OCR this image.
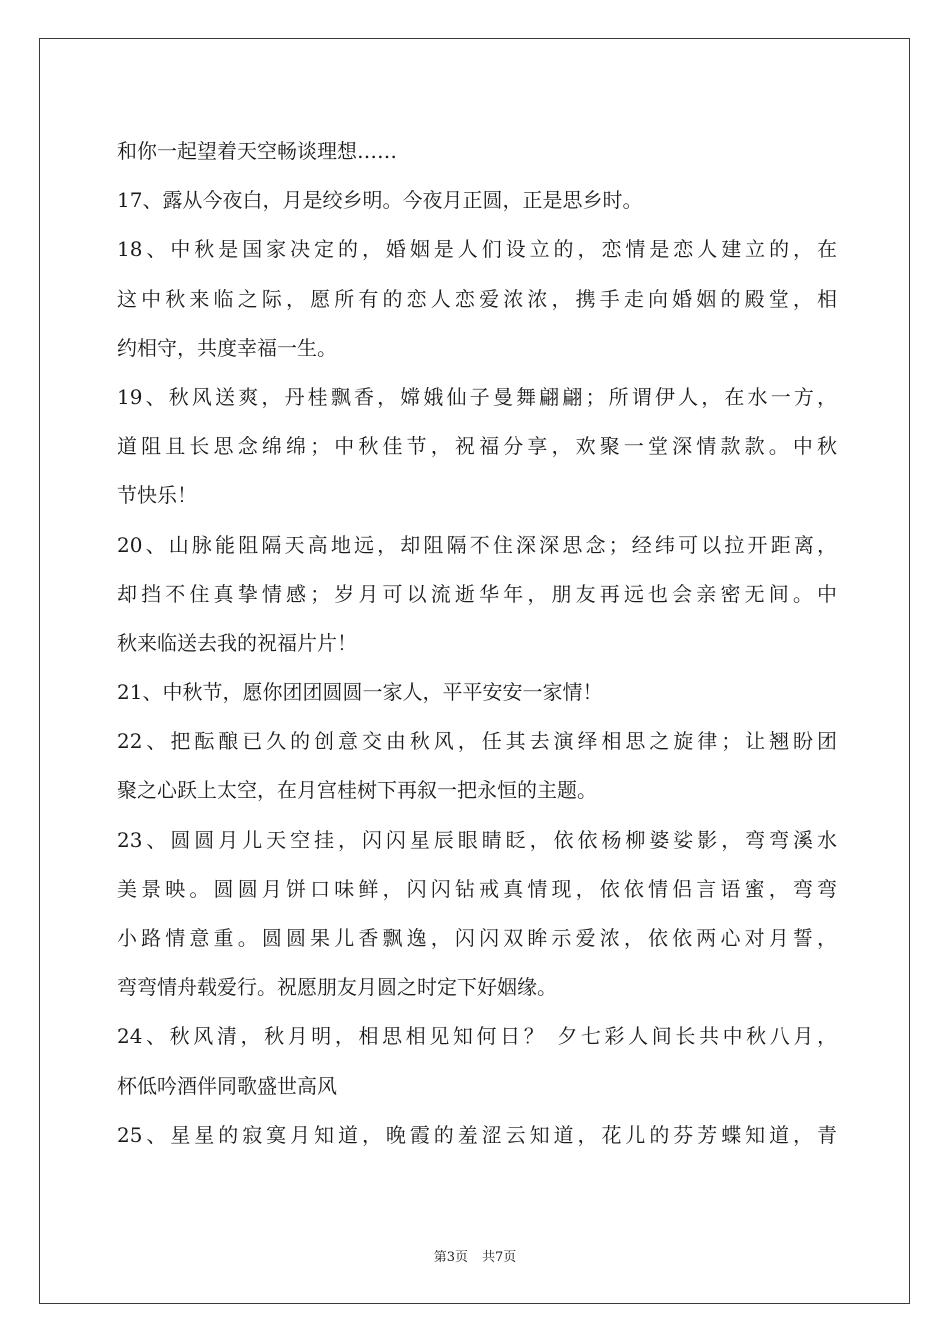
和你一起望着天空畅谈理想……
17、露从今夜白，月是绞乡明。今夜月正圆，正是思乡时。
18、中秋是国家决定的，婚姻是人们设立的，恋情是恋人建立的，在
这中秋来临之际，愿所有的恋人恋爱浓浓，携手走向婚姻的殿堂，相
约相守，共度幸福一生。
19、秋风送爽，丹桂飘香，嫦娥仙子曼舞翩翩；所谓伊人，在水一方，
道阻且长思念绵绵；中秋佳节，祝福分享，欢聚一堂深情款款。中秋
节快乐！
20、山脉能阻隔天高地远，却阻隔不住深深思念；经纬可以拉开距离，
却挡不住真挚情感；岁月可以流逝华年，朋友再远也会亲密无间。中
秋来临送去我的祝福片片！
21、中秋节，愿你团团圆圆一家人，平平安安一家情！
22、把酝酿已久的创意交由秋风，任其去演绎相思之旋律；让翘盼团
聚之心跃上太空，在月宫桂树下再叙一把永恒的主题。
23、圆圆月儿天空挂，闪闪星辰眼睛眨，依依杨柳婆娑影，弯弯溪水
美景映。圆圆月饼口味鲜，闪闪钻戒真情现，依依情侣言语蜜，弯弯
小路情意重。圆圆果儿香飘逸，闪闪双眸示爱浓，依依两心对月誓，
弯弯情舟载爱行。祝愿朋友月圆之时定下好姻缘。
24、秋风清，秋月明，相思相见知何日？ 夕七彩人间长共中秋八月，
杯低吟酒伴同歌盛世高风
25、星星的寂寞月知道，晚霞的羞涩云知道，花儿的芬芳蝶知道，青
第3页 共7页
